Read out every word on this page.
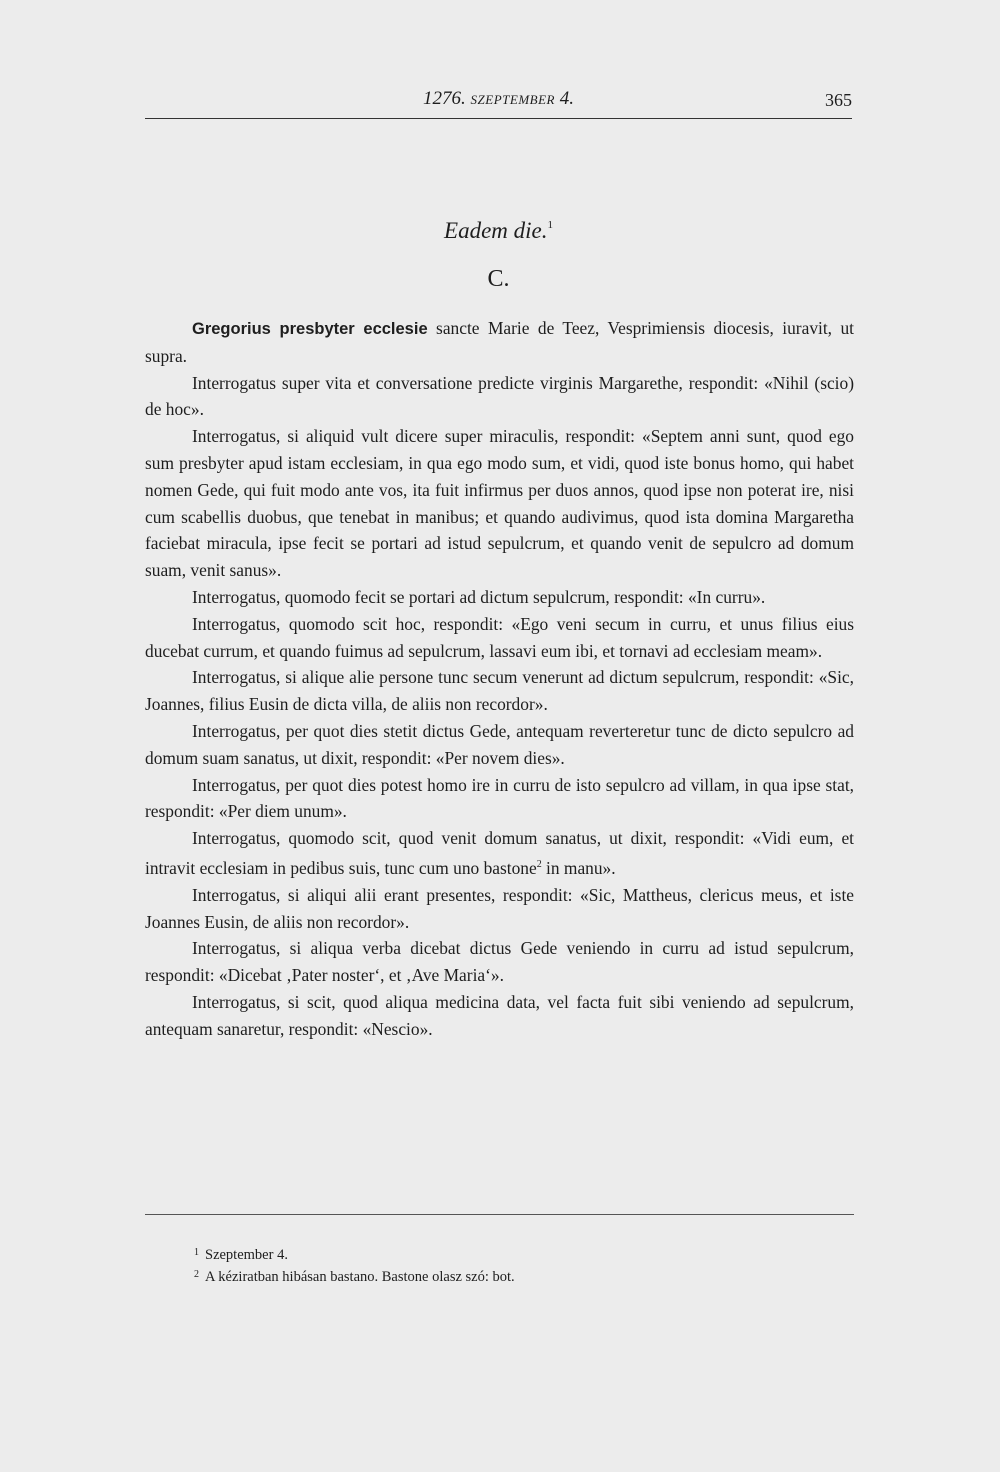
1276. SZEPTEMBER 4.	365
Eadem die.$^1$
C.

Gregorius presbyter ecclesie sancte Marie de Teez, Vesprimiensis diocesis, iuravit, ut supra.

Interrogatus super vita et conversatione predicte virginis Margarethe, respondit: «Nihil (scio) de hoc».

Interrogatus, si aliquid vult dicere super miraculis, respondit: «Septem anni sunt, quod ego sum presbyter apud istam ecclesiam, in qua ego modo sum, et vidi, quod iste bonus homo, qui habet nomen Gede, qui fuit modo ante vos, ita fuit infirmus per duos annos, quod ipse non poterat ire, nisi cum scabellis duobus, que tenebat in manibus; et quando audivimus, quod ista domina Margaretha faciebat miracula, ipse fecit se portari ad istud sepulcrum, et quando venit de sepulcro ad domum suam, venit sanus».

Interrogatus, quomodo fecit se portari ad dictum sepulcrum, respondit: «In curru».

Interrogatus, quomodo scit hoc, respondit: «Ego veni secum in curru, et unus filius eius ducebat currum, et quando fuimus ad sepulcrum, lassavi eum ibi, et tornavi ad ecclesiam meam».

Interrogatus, si alique alie persone tunc secum venerunt ad dictum sepulcrum, respondit: «Sic, Joannes, filius Eusin de dicta villa, de aliis non recordor».

Interrogatus, per quot dies stetit dictus Gede, antequam reverteretur tunc de dicto sepulcro ad domum suam sanatus, ut dixit, respondit: «Per novem dies».

Interrogatus, per quot dies potest homo ire in curru de isto sepulcro ad villam, in qua ipse stat, respondit: «Per diem unum».

Interrogatus, quomodo scit, quod venit domum sanatus, ut dixit, respondit: «Vidi eum, et intravit ecclesiam in pedibus suis, tunc cum uno bastone$^2$ in manu».

Interrogatus, si aliqui alii erant presentes, respondit: «Sic, Mattheus, clericus meus, et iste Joannes Eusin, de aliis non recordor».

Interrogatus, si aliqua verba dicebat dictus Gede veniendo in curru ad istud sepulcrum, respondit: «Dicebat ‚Pater noster‘, et ‚Ave Maria‘».

Interrogatus, si scit, quod aliqua medicina data, vel facta fuit sibi veniendo ad sepulcrum, antequam sanaretur, respondit: «Nescio».

$^1$ Szeptember 4.
$^2$ A kéziratban hibásan bastano. Bastone olasz szó: bot.
